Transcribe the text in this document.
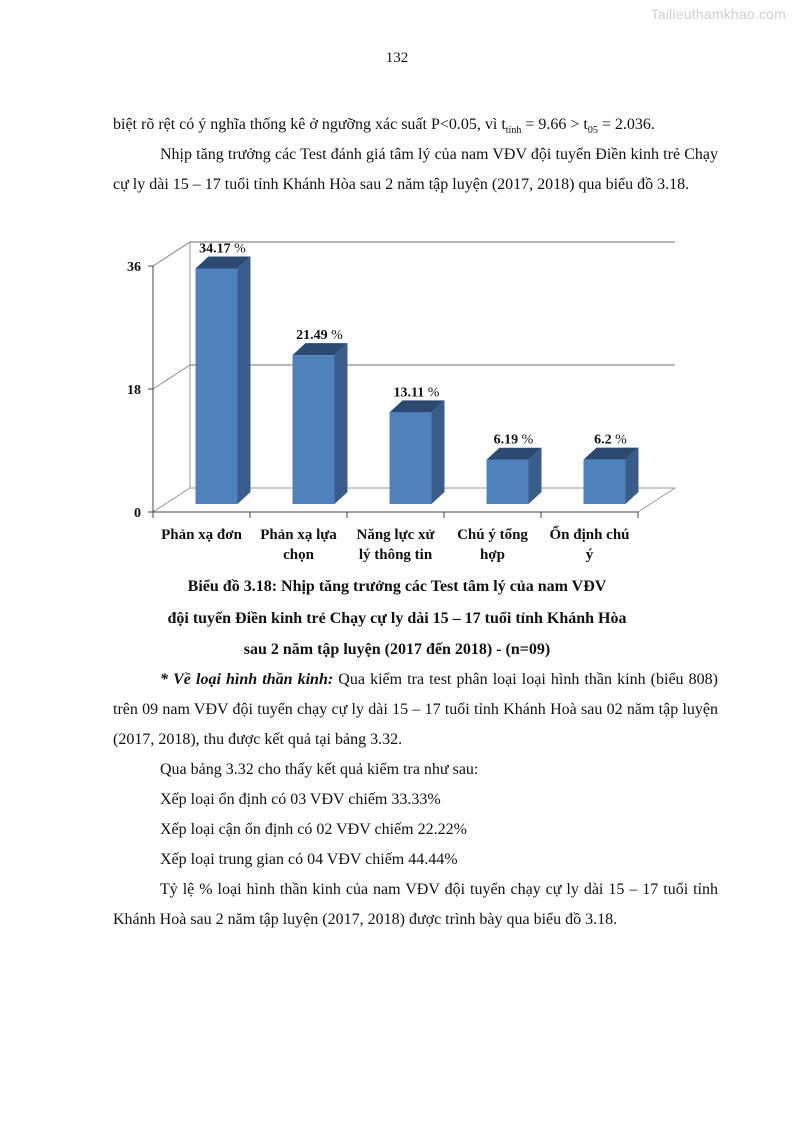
Tailieuthamkhao.com
132

biệt rõ rệt có ý nghĩa thống kê ở ngưỡng xác suất P<0.05, vì $t_{tính} = 9.66 > t_{05} = 2.036$.

Nhịp tăng trưởng các Test đánh giá tâm lý của nam VĐV đội tuyển Điền kinh trẻ Chạy cự ly dài 15 – 17 tuổi tỉnh Khánh Hòa sau 2 năm tập luyện (2017, 2018) qua biểu đồ 3.18.

0
18
36
34.17 %
Phản xạ đơn
21.49 %
Phản xạ lựa
chọn
13.11 %
Năng lực xử
lý thông tin
6.19 %
Chú ý tổng
hợp
6.2 %
Ổn định chú
ý
Biểu đồ 3.18: Nhịp tăng trưởng các Test tâm lý của nam VĐV
đội tuyển Điền kinh trẻ Chạy cự ly dài 15 – 17 tuổi tỉnh Khánh Hòa
sau 2 năm tập luyện (2017 đến 2018) - (n=09)

* Về loại hình thần kinh: Qua kiểm tra test phân loại loại hình thần kinh (biểu 808) trên 09 nam VĐV đội tuyển chạy cự ly dài 15 – 17 tuổi tỉnh Khánh Hoà sau 02 năm tập luyện (2017, 2018), thu được kết quả tại bảng 3.32.

Qua bảng 3.32 cho thấy kết quả kiểm tra như sau:

Xếp loại ổn định có 03 VĐV chiếm 33.33%

Xếp loại cận ổn định có 02 VĐV chiếm 22.22%

Xếp loại trung gian có 04 VĐV chiếm 44.44%

Tỷ lệ % loại hình thần kinh của nam VĐV đội tuyển chạy cự ly dài 15 – 17 tuổi tỉnh Khánh Hoà sau 2 năm tập luyện (2017, 2018) được trình bày qua biểu đồ 3.18.
